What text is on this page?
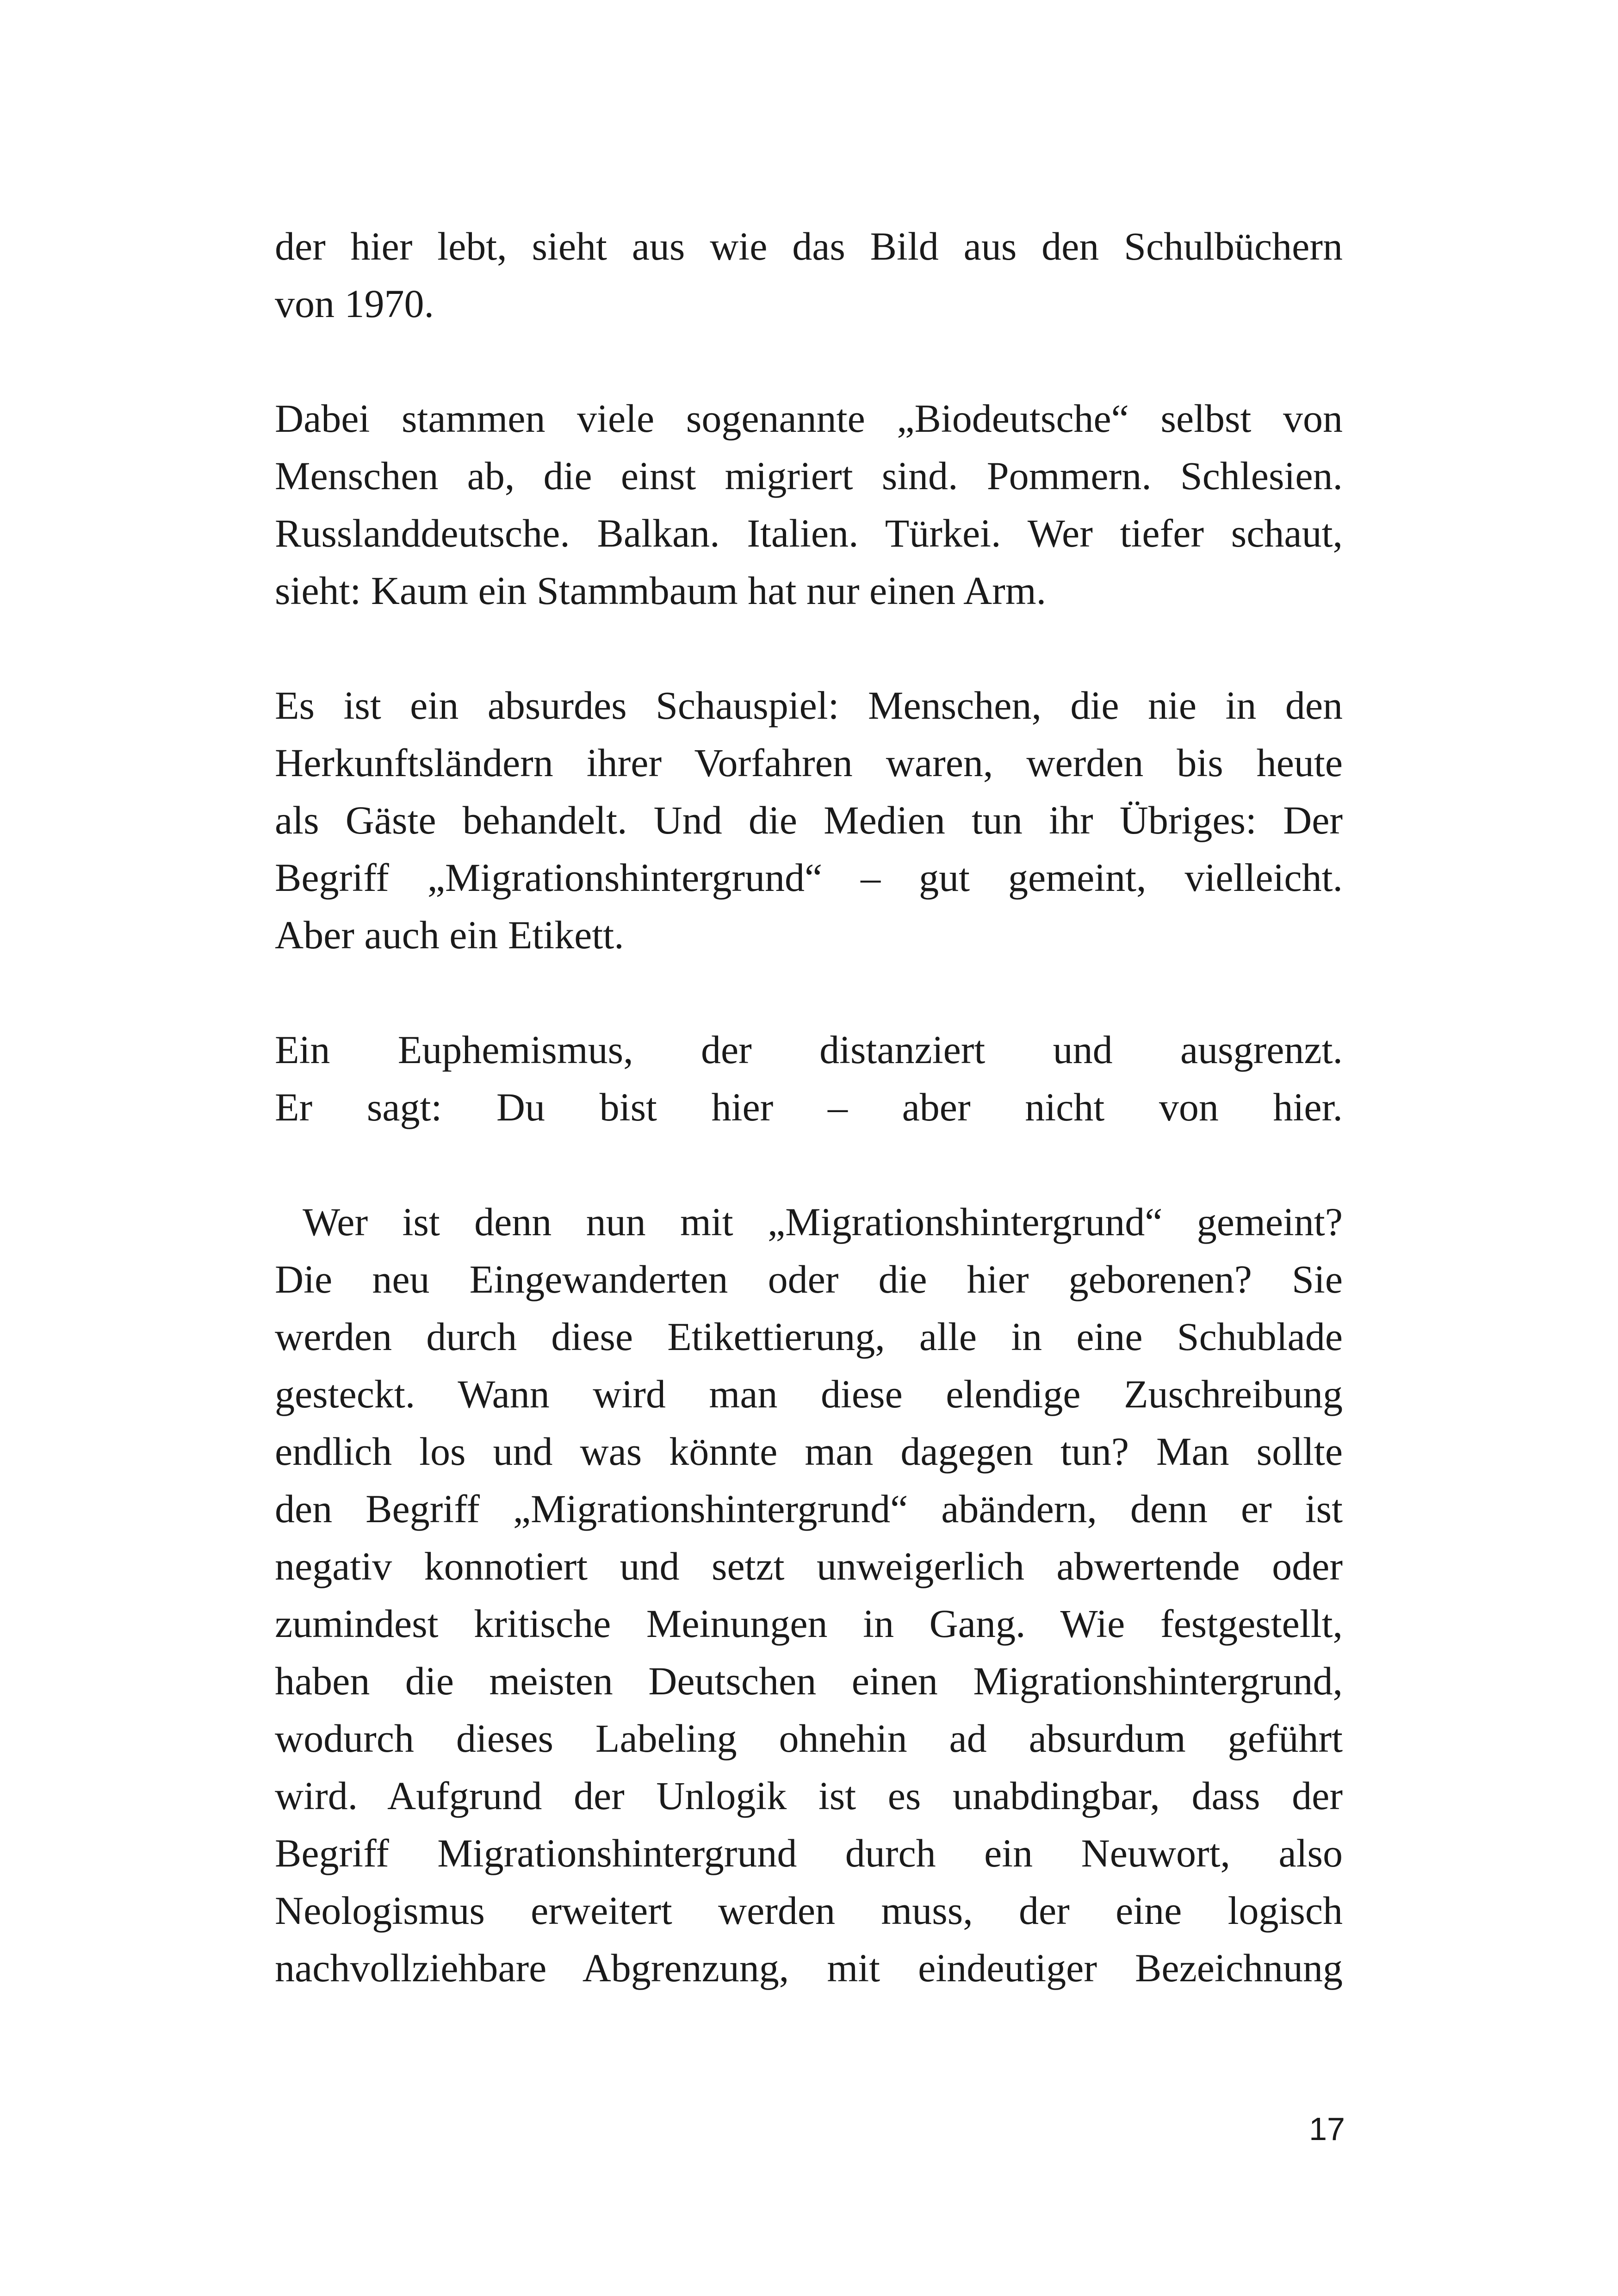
der hier lebt, sieht aus wie das Bild aus den Schulbüchern
von 1970.

Dabei stammen viele sogenannte „Biodeutsche“ selbst von
Menschen ab, die einst migriert sind. Pommern. Schlesien.
Russlanddeutsche. Balkan. Italien. Türkei. Wer tiefer schaut,
sieht: Kaum ein Stammbaum hat nur einen Arm.

Es ist ein absurdes Schauspiel: Menschen, die nie in den
Herkunftsländern ihrer Vorfahren waren, werden bis heute
als Gäste behandelt. Und die Medien tun ihr Übriges: Der
Begriff „Migrationshintergrund“ – gut gemeint, vielleicht.
Aber auch ein Etikett.

Ein Euphemismus, der distanziert und ausgrenzt.
Er sagt: Du bist hier – aber nicht von hier.

Wer ist denn nun mit „Migrationshintergrund“ gemeint?
Die neu Eingewanderten oder die hier geborenen? Sie
werden durch diese Etikettierung, alle in eine Schublade
gesteckt. Wann wird man diese elendige Zuschreibung
endlich los und was könnte man dagegen tun? Man sollte
den Begriff „Migrationshintergrund“ abändern, denn er ist
negativ konnotiert und setzt unweigerlich abwertende oder
zumindest kritische Meinungen in Gang. Wie festgestellt,
haben die meisten Deutschen einen Migrationshintergrund,
wodurch dieses Labeling ohnehin ad absurdum geführt
wird. Aufgrund der Unlogik ist es unabdingbar, dass der
Begriff Migrationshintergrund durch ein Neuwort, also
Neologismus erweitert werden muss, der eine logisch
nachvollziehbare Abgrenzung, mit eindeutiger Bezeichnung

17
